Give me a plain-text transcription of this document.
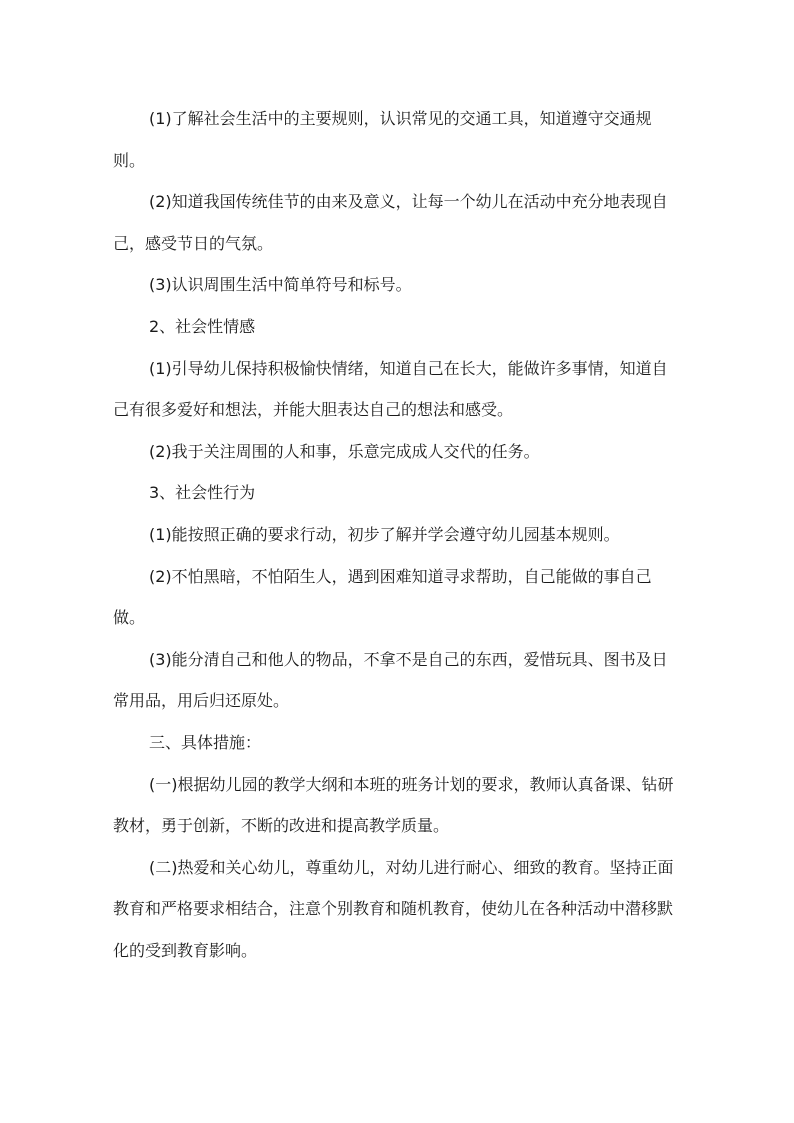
(1)了解社会生活中的主要规则，认识常见的交通工具，知道遵守交通规则。

(2)知道我国传统佳节的由来及意义，让每一个幼儿在活动中充分地表现自己，感受节日的气氛。

(3)认识周围生活中简单符号和标号。

2、社会性情感

(1)引导幼儿保持积极愉快情绪，知道自己在长大，能做许多事情，知道自己有很多爱好和想法，并能大胆表达自己的想法和感受。

(2)我于关注周围的人和事，乐意完成成人交代的任务。

3、社会性行为

(1)能按照正确的要求行动，初步了解并学会遵守幼儿园基本规则。

(2)不怕黑暗，不怕陌生人，遇到困难知道寻求帮助，自己能做的事自己做。

(3)能分清自己和他人的物品，不拿不是自己的东西，爱惜玩具、图书及日常用品，用后归还原处。

三、具体措施：

(一)根据幼儿园的教学大纲和本班的班务计划的要求，教师认真备课、钻研教材，勇于创新，不断的改进和提高教学质量。

(二)热爱和关心幼儿，尊重幼儿，对幼儿进行耐心、细致的教育。坚持正面教育和严格要求相结合，注意个别教育和随机教育，使幼儿在各种活动中潜移默化的受到教育影响。
